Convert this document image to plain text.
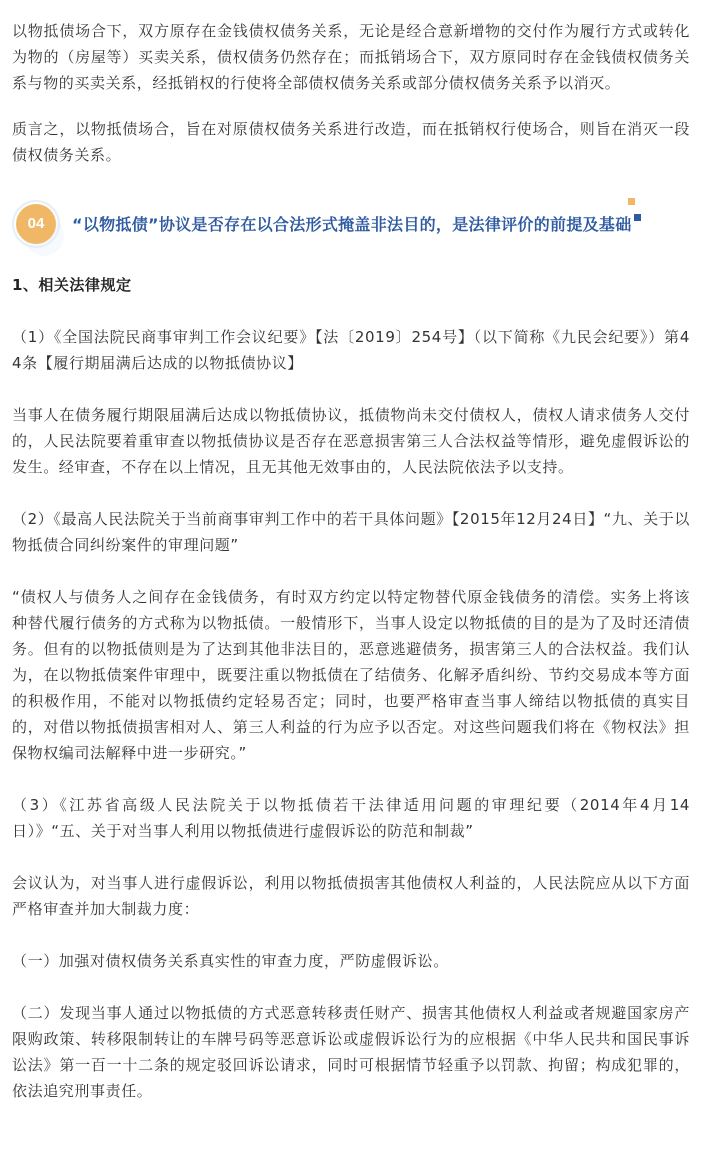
以物抵债场合下，双方原存在金钱债权债务关系，无论是经合意新增物的交付作为履行方式或转化为物的（房屋等）买卖关系，债权债务仍然存在；而抵销场合下，双方原同时存在金钱债权债务关系与物的买卖关系，经抵销权的行使将全部债权债务关系或部分债权债务关系予以消灭。

质言之，以物抵债场合，旨在对原债权债务关系进行改造，而在抵销权行使场合，则旨在消灭一段债权债务关系。

04	“以物抵债”协议是否存在以合法形式掩盖非法目的，是法律评价的前提及基础

1、相关法律规定

（1）《全国法院民商事审判工作会议纪要》【法〔2019〕254号】（以下简称《九民会纪要》）第44条【履行期届满后达成的以物抵债协议】

当事人在债务履行期限届满后达成以物抵债协议，抵债物尚未交付债权人，债权人请求债务人交付的，人民法院要着重审查以物抵债协议是否存在恶意损害第三人合法权益等情形，避免虚假诉讼的发生。经审查，不存在以上情况，且无其他无效事由的，人民法院依法予以支持。

（2）《最高人民法院关于当前商事审判工作中的若干具体问题》【2015年12月24日】“九、关于以物抵债合同纠纷案件的审理问题”

“债权人与债务人之间存在金钱债务，有时双方约定以特定物替代原金钱债务的清偿。实务上将该种替代履行债务的方式称为以物抵债。一般情形下，当事人设定以物抵债的目的是为了及时还清债务。但有的以物抵债则是为了达到其他非法目的，恶意逃避债务，损害第三人的合法权益。我们认为，在以物抵债案件审理中，既要注重以物抵债在了结债务、化解矛盾纠纷、节约交易成本等方面的积极作用，不能对以物抵债约定轻易否定；同时，也要严格审查当事人缔结以物抵债的真实目的，对借以物抵债损害相对人、第三人利益的行为应予以否定。对这些问题我们将在《物权法》担保物权编司法解释中进一步研究。”

（3）《江苏省高级人民法院关于以物抵债若干法律适用问题的审理纪要（2014年4月14日）》“五、关于对当事人利用以物抵债进行虚假诉讼的防范和制裁”

会议认为，对当事人进行虚假诉讼，利用以物抵债损害其他债权人利益的，人民法院应从以下方面严格审查并加大制裁力度：

（一）加强对债权债务关系真实性的审查力度，严防虚假诉讼。

（二）发现当事人通过以物抵债的方式恶意转移责任财产、损害其他债权人利益或者规避国家房产限购政策、转移限制转让的车牌号码等恶意诉讼或虚假诉讼行为的应根据《中华人民共和国民事诉讼法》第一百一十二条的规定驳回诉讼请求，同时可根据情节轻重予以罚款、拘留；构成犯罪的，依法追究刑事责任。
